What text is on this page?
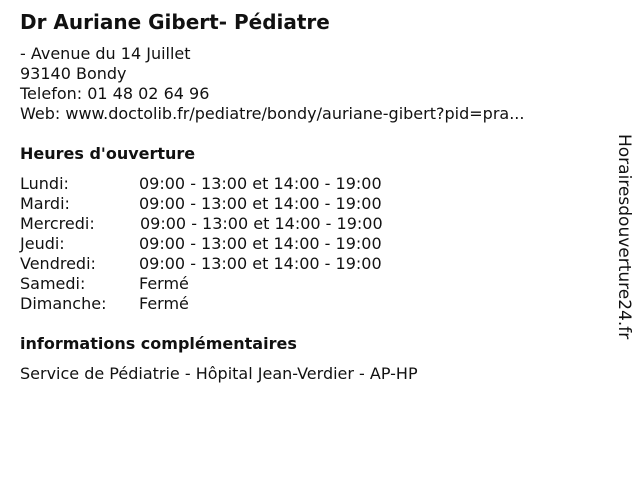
Dr Auriane Gibert- Pédiatre
- Avenue du 14 Juillet
93140 Bondy
Telefon: 01 48 02 64 96
Web: www.doctolib.fr/pediatre/bondy/auriane-gibert?pid=pra...
Heures d'ouverture
Lundi:	09:00 - 13:00 et 14:00 - 19:00
Mardi:	09:00 - 13:00 et 14:00 - 19:00
Mercredi:	09:00 - 13:00 et 14:00 - 19:00
Jeudi:	09:00 - 13:00 et 14:00 - 19:00
Vendredi:	09:00 - 13:00 et 14:00 - 19:00
Samedi:	Fermé
Dimanche: Fermé
informations complémentaires
Service de Pédiatrie - Hôpital Jean-Verdier - AP-HP
Horairesdouverture24.fr
